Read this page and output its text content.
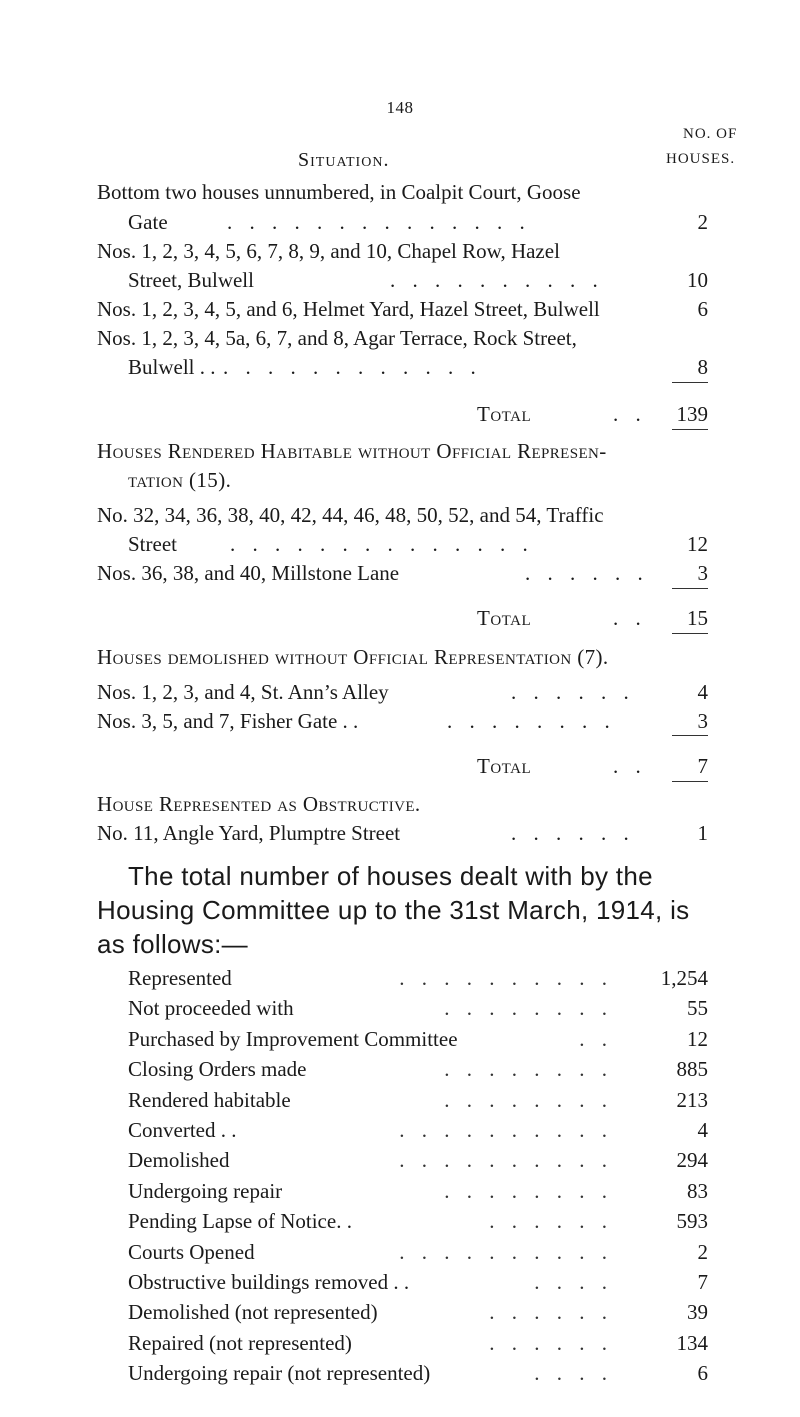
148
Situation.
NO. OF
HOUSES.
Bottom two houses unnumbered, in Coalpit Court, Goose
Gate	. . . . . . . . . . . . . .	2
Nos. 1, 2, 3, 4, 5, 6, 7, 8, 9, and 10, Chapel Row, Hazel
Street, Bulwell	. . . . . . . . . .	10
Nos. 1, 2, 3, 4, 5, and 6, Helmet Yard, Hazel Street, Bulwell	6
Nos. 1, 2, 3, 4, 5a, 6, 7, and 8, Agar Terrace, Rock Street,
Bulwell . . . . . . . . . . . . . .	8
Total	. .	139
Houses Rendered Habitable without Official Represen-
tation (15).
No. 32, 34, 36, 38, 40, 42, 44, 46, 48, 50, 52, and 54, Traffic
Street	. . . . . . . . . . . . . .	12
Nos. 36, 38, and 40, Millstone Lane	. . . . . .	3
Total	. .	15
Houses demolished without Official Representation (7).
Nos. 1, 2, 3, and 4, St. Ann’s Alley	. . . . . .	4
Nos. 3, 5, and 7, Fisher Gate . .	. . . . . . . .	3
Total	. .	7
House Represented as Obstructive.
No. 11, Angle Yard, Plumptre Street	. . . . . .	1
The total number of houses dealt with by the
Housing Committee up to the 31st March, 1914, is
as follows:—
Represented	. . . . . . . . . . 1,254
Not proceeded with	. . . . . . . .	55
Purchased by Improvement Committee	. .	12
Closing Orders made	. . . . . . . .	885
Rendered habitable	. . . . . . . .	213
Converted . .	. . . . . . . . . .	4
Demolished	. . . . . . . . . .	294
Undergoing repair	. . . . . . . .	83
Pending Lapse of Notice. .	. . . . . .	593
Courts Opened	. . . . . . . . . .	2
Obstructive buildings removed . .	. . . .	7
Demolished (not represented)	. . . . . .	39
Repaired (not represented)	. . . . . .	134
Undergoing repair (not represented)	. . . .	6
